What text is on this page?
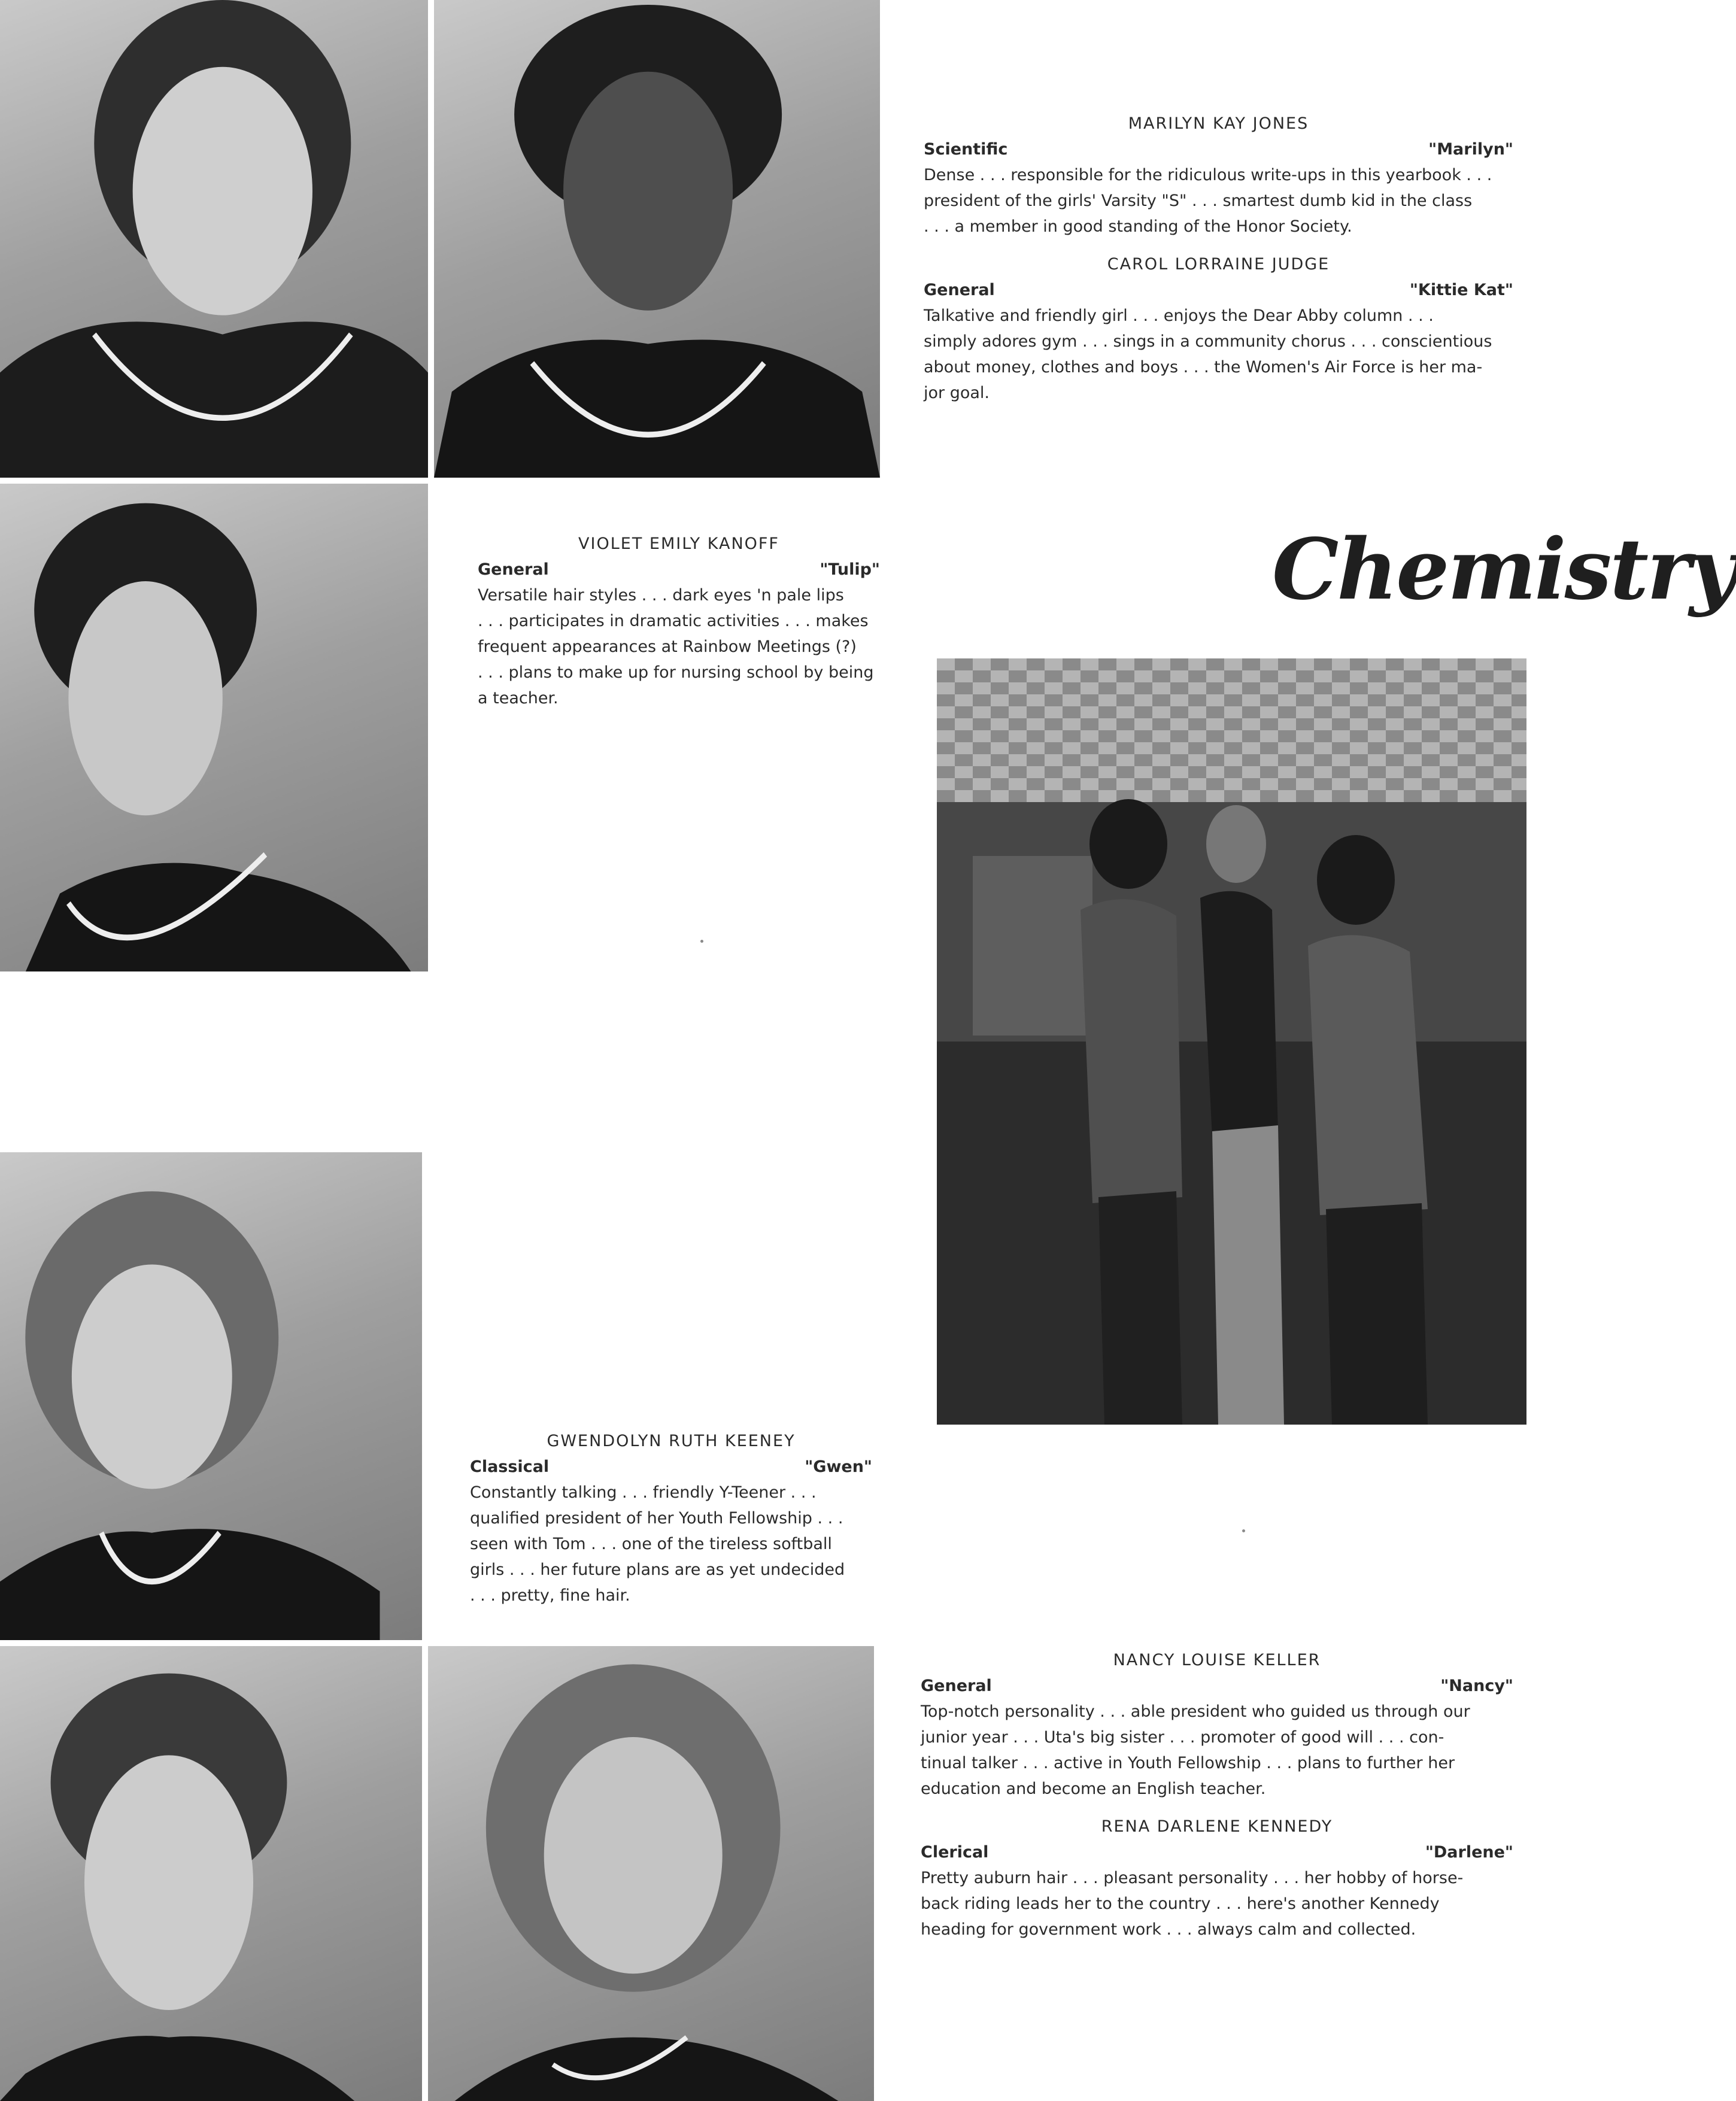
MARILYN KAY JONES
Scientific	"Marilyn"
Dense . . . responsible for the ridiculous write-ups in this yearbook . . .
president of the girls' Varsity "S" . . . smartest dumb kid in the class
. . . a member in good standing of the Honor Society.
CAROL LORRAINE JUDGE
General	"Kittie Kat"
Talkative and friendly girl . . . enjoys the Dear Abby column . . .
simply adores gym . . . sings in a community chorus . . . conscientious
about money, clothes and boys . . . the Women's Air Force is her ma-
jor goal.
VIOLET EMILY KANOFF
General	"Tulip"
Versatile hair styles . . . dark eyes 'n pale lips
. . . participates in dramatic activities . . . makes
frequent appearances at Rainbow Meetings (?)
. . . plans to make up for nursing school by being
a teacher.
GWENDOLYN RUTH KEENEY
Classical	"Gwen"
Constantly talking . . . friendly Y-Teener . . .
qualified president of her Youth Fellowship . . .
seen with Tom . . . one of the tireless softball
girls . . . her future plans are as yet undecided
. . . pretty, fine hair.
Chemistry
NANCY LOUISE KELLER
General	"Nancy"
Top-notch personality . . . able president who guided us through our
junior year . . . Uta's big sister . . . promoter of good will . . . con-
tinual talker . . . active in Youth Fellowship . . . plans to further her
education and become an English teacher.
RENA DARLENE KENNEDY
Clerical	"Darlene"
Pretty auburn hair . . . pleasant personality . . . her hobby of horse-
back riding leads her to the country . . . here's another Kennedy
heading for government work . . . always calm and collected.
